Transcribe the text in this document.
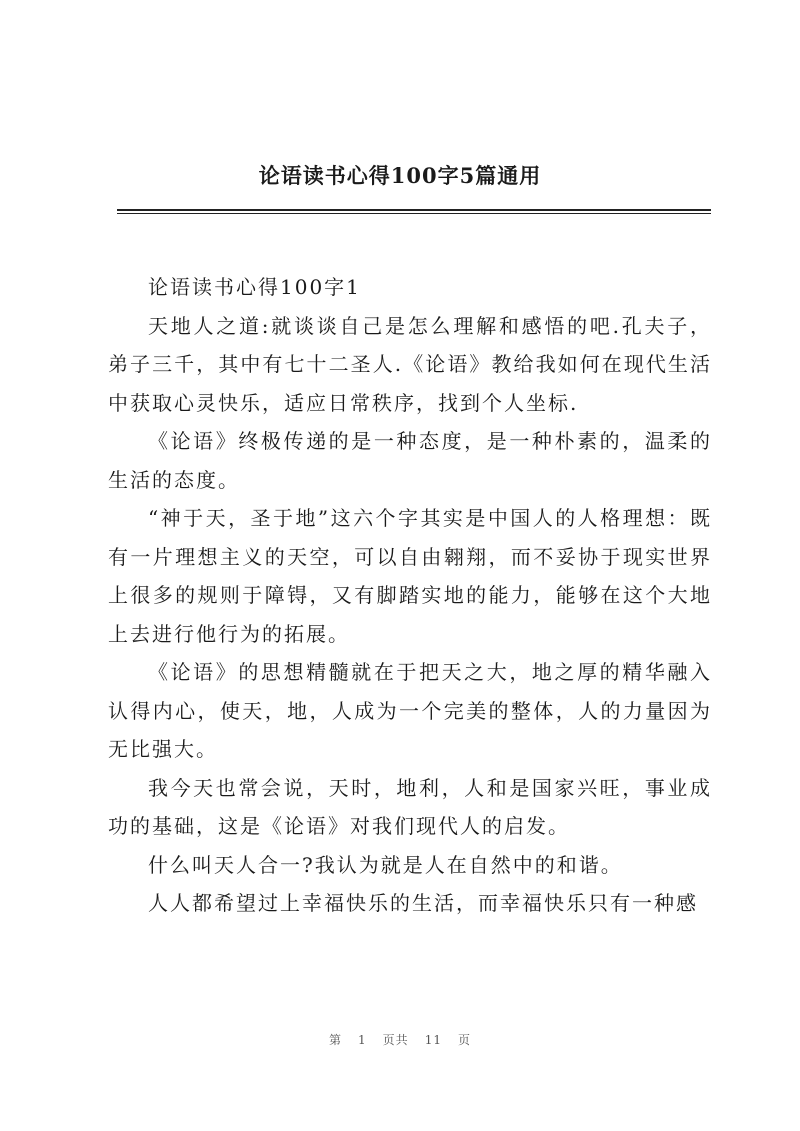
论语读书心得100字5篇通用

论语读书心得100字1

天地人之道:就谈谈自己是怎么理解和感悟的吧.孔夫子，弟子三千，其中有七十二圣人.《论语》教给我如何在现代生活中获取心灵快乐，适应日常秩序，找到个人坐标.

《论语》终极传递的是一种态度，是一种朴素的，温柔的生活的态度。

“神于天，圣于地”这六个字其实是中国人的人格理想：既有一片理想主义的天空，可以自由翱翔，而不妥协于现实世界上很多的规则于障锝，又有脚踏实地的能力，能够在这个大地上去进行他行为的拓展。

《论语》的思想精髓就在于把天之大，地之厚的精华融入认得内心，使天，地，人成为一个完美的整体，人的力量因为无比强大。

我今天也常会说，天时，地利，人和是国家兴旺，事业成功的基础，这是《论语》对我们现代人的启发。

什么叫天人合一?我认为就是人在自然中的和谐。

人人都希望过上幸福快乐的生活，而幸福快乐只有一种感

第 1 页共 11 页
